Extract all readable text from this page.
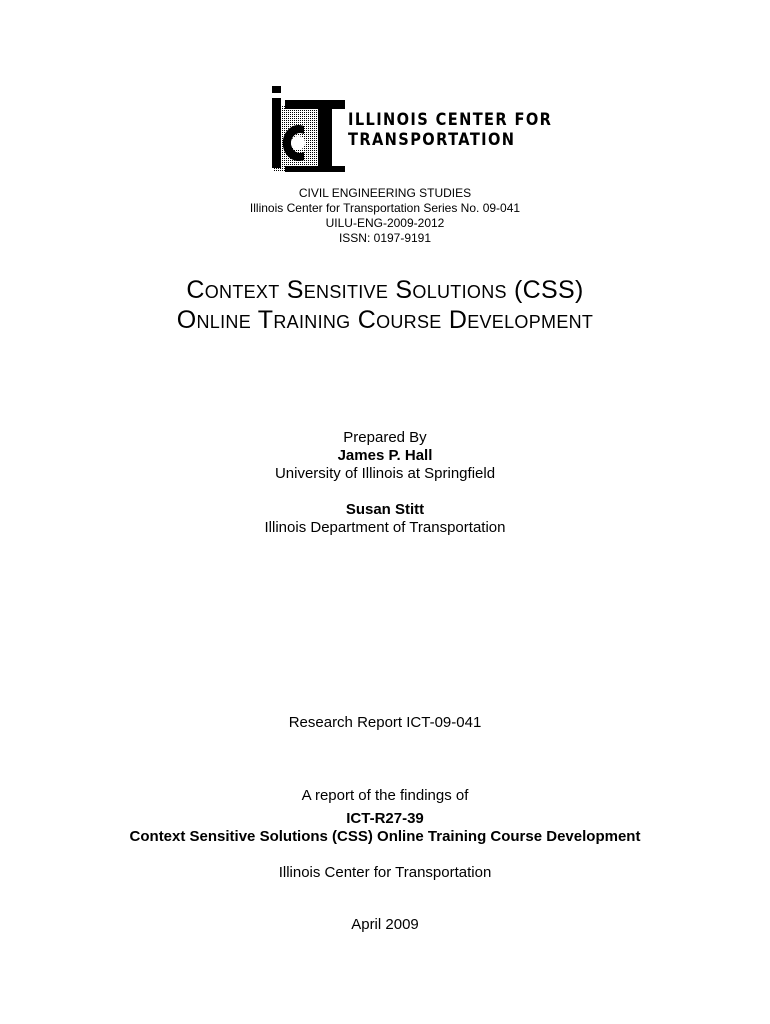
ILLINOIS CENTER FOR
TRANSPORTATION
CIVIL ENGINEERING STUDIES
Illinois Center for Transportation Series No. 09-041
UILU-ENG-2009-2012
ISSN: 0197-9191
Context Sensitive Solutions (CSS)
Online Training Course Development
Prepared By
James P. Hall
University of Illinois at Springfield
Susan Stitt
Illinois Department of Transportation
Research Report ICT-09-041
A report of the findings of
ICT-R27-39
Context Sensitive Solutions (CSS) Online Training Course Development
Illinois Center for Transportation
April 2009
